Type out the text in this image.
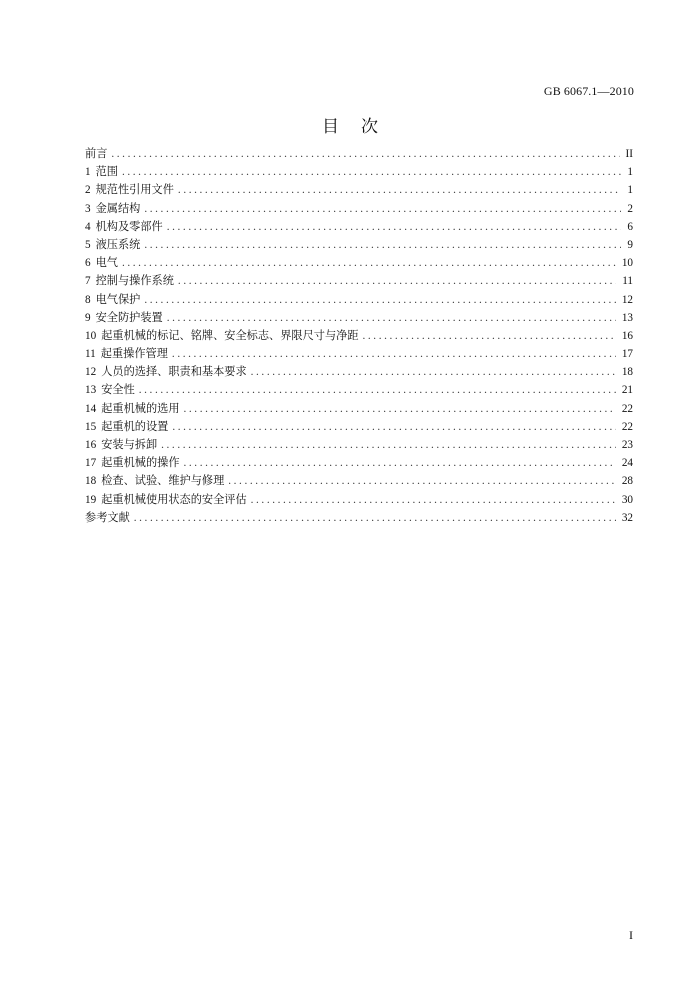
GB 6067.1—2010
目次
前言 .....	II
1 范围 .....	1
2 规范性引用文件 .....	1
3 金属结构 .....	2
4 机构及零部件 .....	6
5 液压系统 .....	9
6 电气 .....	10
7 控制与操作系统 .....	11
8 电气保护 .....	12
9 安全防护装置 .....	13
10 起重机械的标记、铭牌、安全标志、界限尺寸与净距 .....	16
11 起重操作管理 .....	17
12 人员的选择、职责和基本要求 .....	18
13 安全性 .....	21
14 起重机械的选用 .....	22
15 起重机的设置 .....	22
16 安装与拆卸 .....	23
17 起重机械的操作 .....	24
18 检查、试验、维护与修理 .....	28
19 起重机械使用状态的安全评估 .....	30
参考文献 .....	32
I
